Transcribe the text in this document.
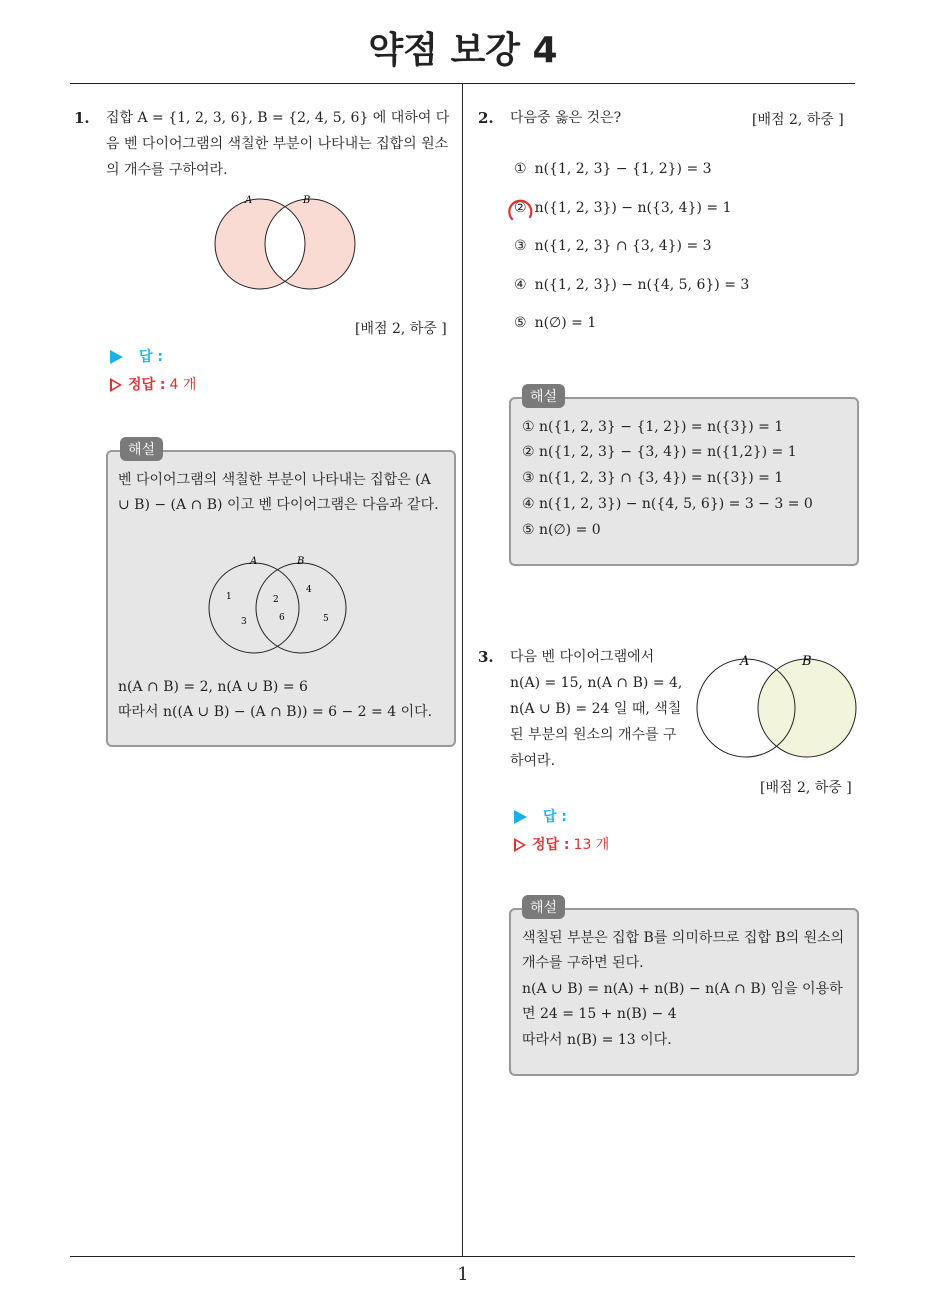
약점 보강 4
1
1. 집합 A = {1, 2, 3, 6}, B = {2, 4, 5, 6} 에 대하여 다음 벤 다이어그램의 색칠한 부분이 나타내는 집합의 원소의 개수를 구하여라.
A	B
[배점 2, 하중 ]
답 :
정답 : 4 개
해설
벤 다이어그램의 색칠한 부분이 나타내는 집합은 (A ∪ B) − (A ∩ B) 이고 벤 다이어그램은 다음과 같다.
A	B
1
3
2
6
4
5
n(A ∩ B) = 2, n(A ∪ B) = 6
따라서 n((A ∪ B) − (A ∩ B)) = 6 − 2 = 4 이다.
2. 다음중 옳은 것은?	[배점 2, 하중 ]
① n({1, 2, 3} − {1, 2}) = 3
② n({1, 2, 3}) − n({3, 4}) = 1
③ n({1, 2, 3} ∩ {3, 4}) = 3
④ n({1, 2, 3}) − n({4, 5, 6}) = 3
⑤ n(∅) = 1
해설
① n({1, 2, 3} − {1, 2}) = n({3}) = 1
② n({1, 2, 3} − {3, 4}) = n({1,2}) = 1
③ n({1, 2, 3} ∩ {3, 4}) = n({3}) = 1
④ n({1, 2, 3}) − n({4, 5, 6}) = 3 − 3 = 0
⑤ n(∅) = 0
3. 다음 벤 다이어그램에서 n(A) = 15, n(A ∩ B) = 4, n(A ∪ B) = 24 일 때, 색칠된 부분의 원소의 개수를 구하여라.
A	B
[배점 2, 하중 ]
답 :
정답 : 13 개
해설
색칠된 부분은 집합 B를 의미하므로 집합 B의 원소의 개수를 구하면 된다.
n(A ∪ B) = n(A) + n(B) − n(A ∩ B) 임을 이용하면 24 = 15 + n(B) − 4
따라서 n(B) = 13 이다.
